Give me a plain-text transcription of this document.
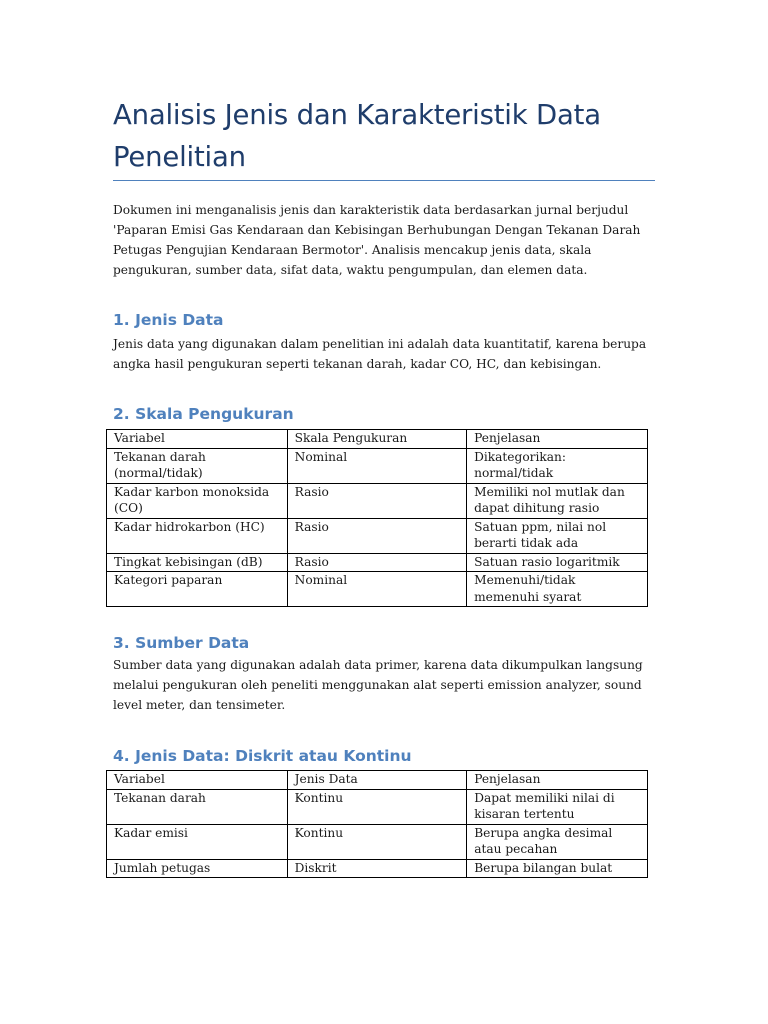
Analisis Jenis dan Karakteristik Data Penelitian

Dokumen ini menganalisis jenis dan karakteristik data berdasarkan jurnal berjudul 'Paparan Emisi Gas Kendaraan dan Kebisingan Berhubungan Dengan Tekanan Darah Petugas Pengujian Kendaraan Bermotor'. Analisis mencakup jenis data, skala pengukuran, sumber data, sifat data, waktu pengumpulan, dan elemen data.

1. Jenis Data

Jenis data yang digunakan dalam penelitian ini adalah data kuantitatif, karena berupa angka hasil pengukuran seperti tekanan darah, kadar CO, HC, dan kebisingan.

2. Skala Pengukuran
Variabel	Skala Pengukuran	Penjelasan
Tekanan darah (normal/tidak)	Nominal	Dikategorikan: normal/tidak
Kadar karbon monoksida (CO)	Rasio	Memiliki nol mutlak dan dapat dihitung rasio
Kadar hidrokarbon (HC)	Rasio	Satuan ppm, nilai nol berarti tidak ada
Tingkat kebisingan (dB)	Rasio	Satuan rasio logaritmik
Kategori paparan	Nominal	Memenuhi/tidak memenuhi syarat
3. Sumber Data

Sumber data yang digunakan adalah data primer, karena data dikumpulkan langsung melalui pengukuran oleh peneliti menggunakan alat seperti emission analyzer, sound level meter, dan tensimeter.

4. Jenis Data: Diskrit atau Kontinu
Variabel	Jenis Data	Penjelasan
Tekanan darah	Kontinu	Dapat memiliki nilai di kisaran tertentu
Kadar emisi	Kontinu	Berupa angka desimal atau pecahan
Jumlah petugas	Diskrit	Berupa bilangan bulat
